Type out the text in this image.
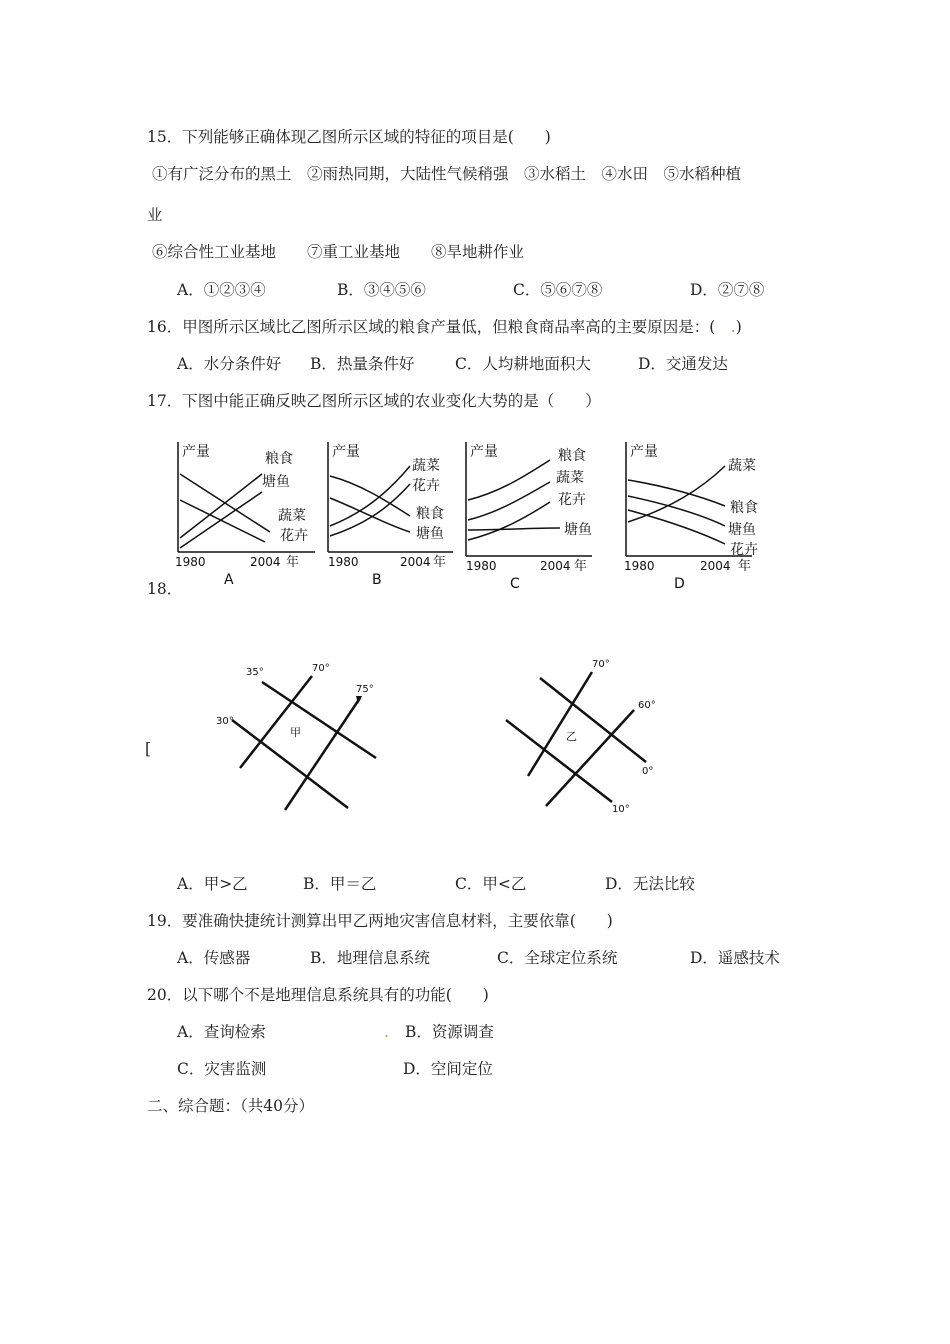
15．下列能够正确体现乙图所示区域的特征的项目是(　　)
①有广泛分布的黑土　②雨热同期，大陆性气候稍强　③水稻土　④水田　⑤水稻种植
业
⑥综合性工业基地　　⑦重工业基地　　⑧旱地耕作业
A．①②③④	B．③④⑤⑥	C．⑤⑥⑦⑧	D．②⑦⑧
16．甲图所示区域比乙图所示区域的粮食产量低，但粮食商品率高的主要原因是：(　.)
A．水分条件好 B．热量条件好	C．人均耕地面积大	D．交通发达
17．下图中能正确反映乙图所示区域的农业变化大势的是（　　）
产量	粮食
塘鱼
蔬菜
花卉
1980	2004 年
A
产量
蔬菜
花卉
粮食
塘鱼
1980	2004 年
B
产量	粮食
蔬菜
花卉
塘鱼
1980	2004 年
C
产量
蔬菜
粮食
塘鱼
花卉
1980	2004 年
D
18．
[
35°	70°
75°
30°
甲
70°
60°
0°
10°
乙
A．甲>乙	B．甲＝乙	C．甲<乙	D．无法比较
19．要准确快捷统计测算出甲乙两地灾害信息材料，主要依靠(　　)
A．传感器	B．地理信息系统	C．全球定位系统	D．遥感技术
20．以下哪个不是地理信息系统具有的功能(　　)
A．查询检索	. B．资源调查
C．灾害监测	D．空间定位
二、综合题：（共40分）
